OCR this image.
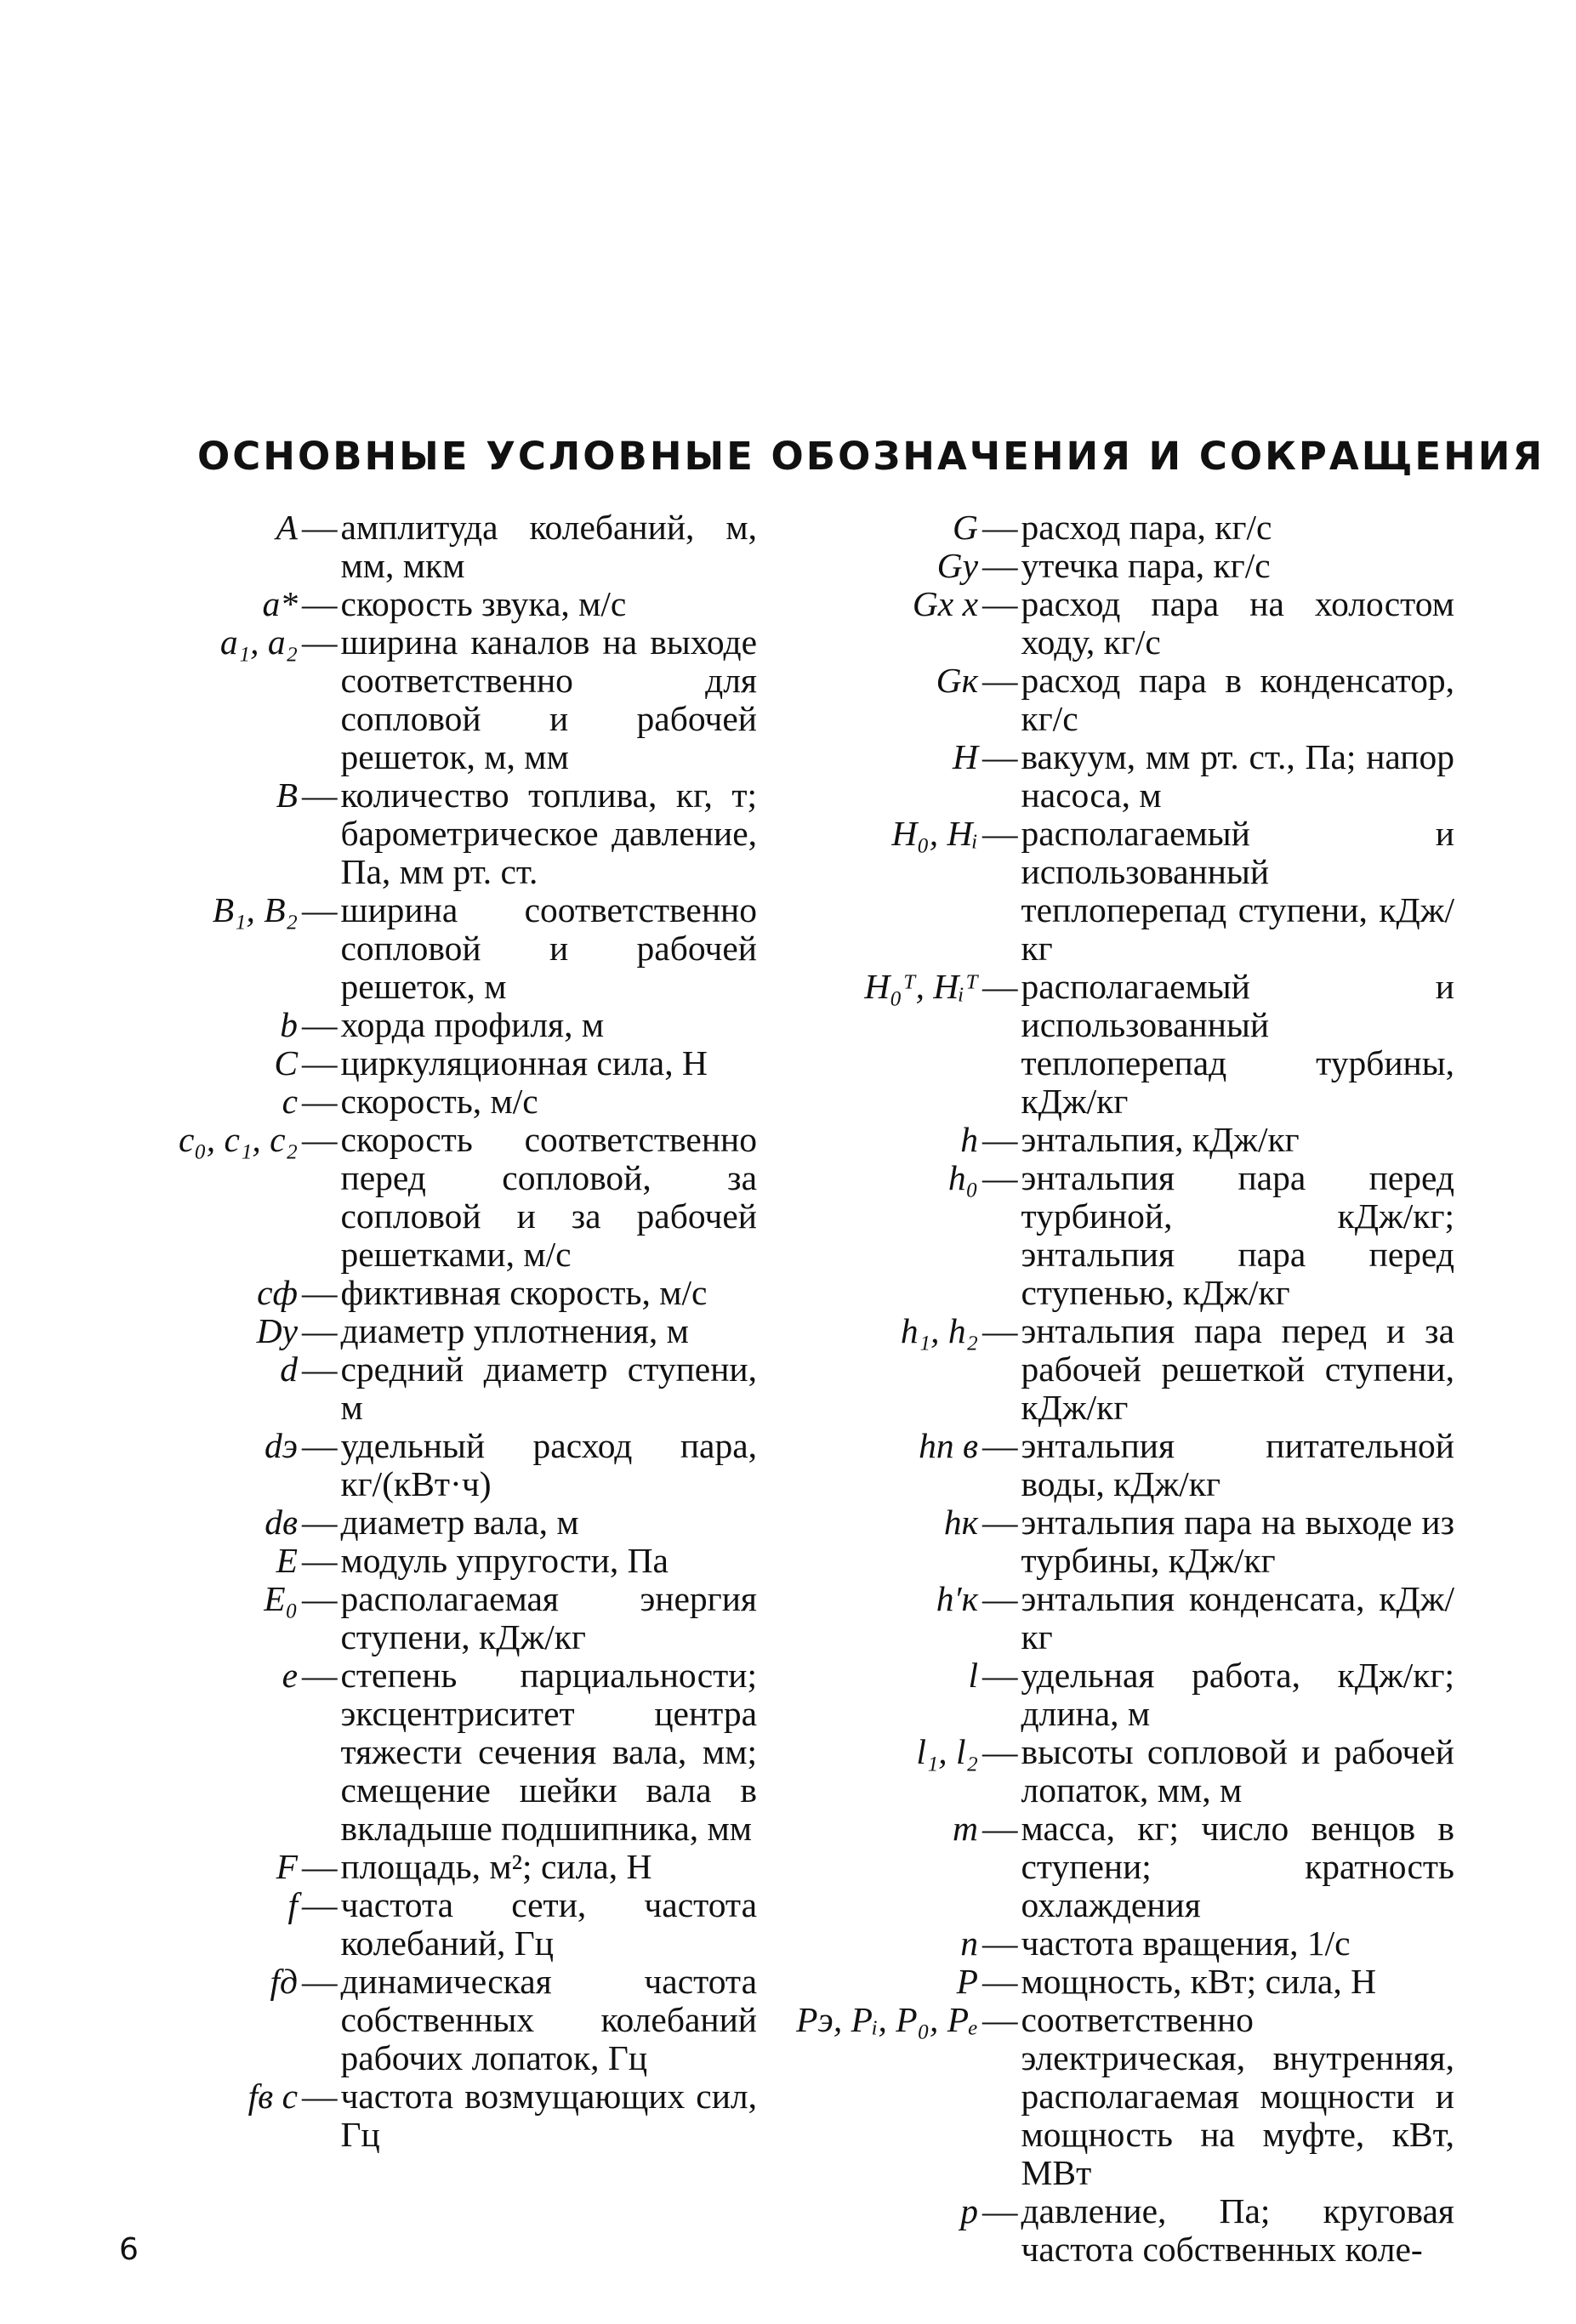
ОСНОВНЫЕ УСЛОВНЫЕ ОБОЗНАЧЕНИЯ И СОКРАЩЕНИЯ
A — амплитуда колебаний, м, мм, мкм
a* — скорость звука, м/с
a₁, a₂ — ширина каналов на выходе соответственно для сопловой и рабочей решеток, м, мм
B — количество топлива, кг, т; барометрическое давление, Па, мм рт. ст.
B₁, B₂ — ширина соответственно сопловой и рабочей решеток, м
b — хорда профиля, м
C — циркуляционная сила, Н
c — скорость, м/с
c₀, c₁, c₂ — скорость соответственно перед сопловой, за сопловой и за рабочей решетками, м/с
cф — фиктивная скорость, м/с
Dу — диаметр уплотнения, м
d — средний диаметр ступени, м
dэ — удельный расход пара, кг/(кВт·ч)
dв — диаметр вала, м
E — модуль упругости, Па
E₀ — располагаемая энергия ступени, кДж/кг
e — степень парциальности; эксцентриситет центра тяжести сечения вала, мм; смещение шейки вала в вкладыше подшипника, мм
F — площадь, м²; сила, Н
f — частота сети, частота колебаний, Гц
fд — динамическая частота собственных колебаний рабочих лопаток, Гц
fв с — частота возмущающих сил, Гц
G — расход пара, кг/с
Gу — утечка пара, кг/с
Gх х — расход пара на холостом ходу, кг/с
Gк — расход пара в конденсатор, кг/с
H — вакуум, мм рт. ст., Па; напор насоса, м
H₀, Hᵢ — располагаемый и использованный теплоперепад ступени, кДж/кг
H₀ᵀ, Hᵢᵀ — располагаемый и использованный теплоперепад турбины, кДж/кг
h — энтальпия, кДж/кг
h₀ — энтальпия пара перед турбиной, кДж/кг; энтальпия пара перед ступенью, кДж/кг
h₁, h₂ — энтальпия пара перед и за рабочей решеткой ступени, кДж/кг
hп в — энтальпия питательной воды, кДж/кг
hк — энтальпия пара на выходе из турбины, кДж/кг
h′к — энтальпия конденсата, кДж/кг
l — удельная работа, кДж/кг; длина, м
l₁, l₂ — высоты сопловой и рабочей лопаток, мм, м
m — масса, кг; число венцов в ступени; кратность охлаждения
n — частота вращения, 1/с
P — мощность, кВт; сила, Н
Pэ, Pᵢ, P₀, Pₑ — соответственно электрическая, внутренняя, располагаемая мощности и мощность на муфте, кВт, МВт
p — давление, Па; круговая частота собственных коле-
6
